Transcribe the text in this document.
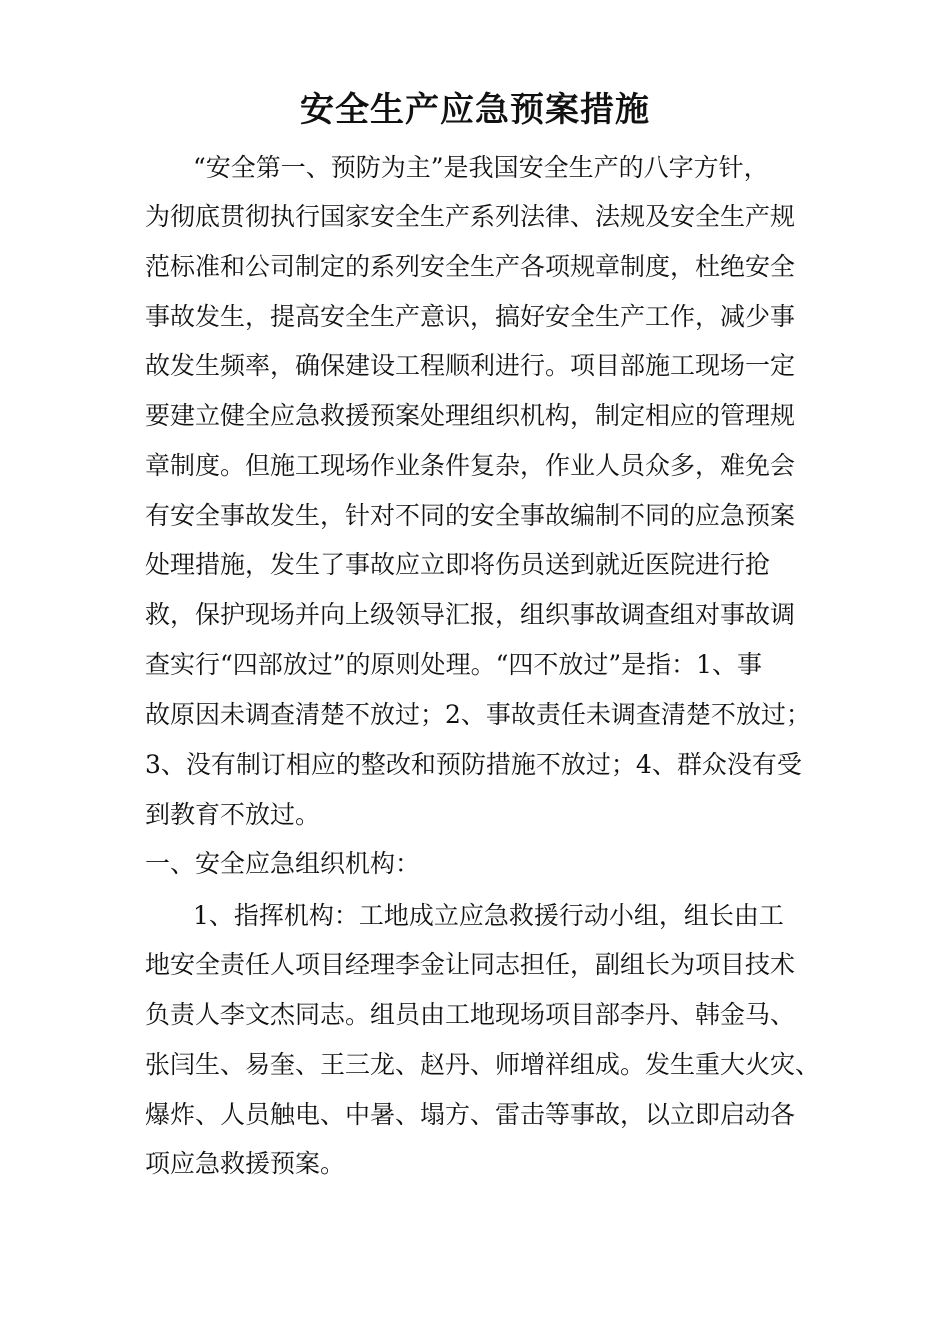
安全生产应急预案措施

“安全第一、预防为主”是我国安全生产的八字方针，

为彻底贯彻执行国家安全生产系列法律、法规及安全生产规

范标准和公司制定的系列安全生产各项规章制度，杜绝安全

事故发生，提高安全生产意识，搞好安全生产工作，减少事

故发生频率，确保建设工程顺利进行。项目部施工现场一定

要建立健全应急救援预案处理组织机构，制定相应的管理规

章制度。但施工现场作业条件复杂，作业人员众多，难免会

有安全事故发生，针对不同的安全事故编制不同的应急预案

处理措施，发生了事故应立即将伤员送到就近医院进行抢

救，保护现场并向上级领导汇报，组织事故调查组对事故调

查实行“四部放过”的原则处理。“四不放过”是指：1、事

故原因未调查清楚不放过；2、事故责任未调查清楚不放过；

3、没有制订相应的整改和预防措施不放过；4、群众没有受

到教育不放过。

一、安全应急组织机构：

1、指挥机构：工地成立应急救援行动小组，组长由工

地安全责任人项目经理李金让同志担任，副组长为项目技术

负责人李文杰同志。组员由工地现场项目部李丹、韩金马、

张闫生、易奎、王三龙、赵丹、师增祥组成。发生重大火灾、

爆炸、人员触电、中暑、塌方、雷击等事故，以立即启动各

项应急救援预案。
